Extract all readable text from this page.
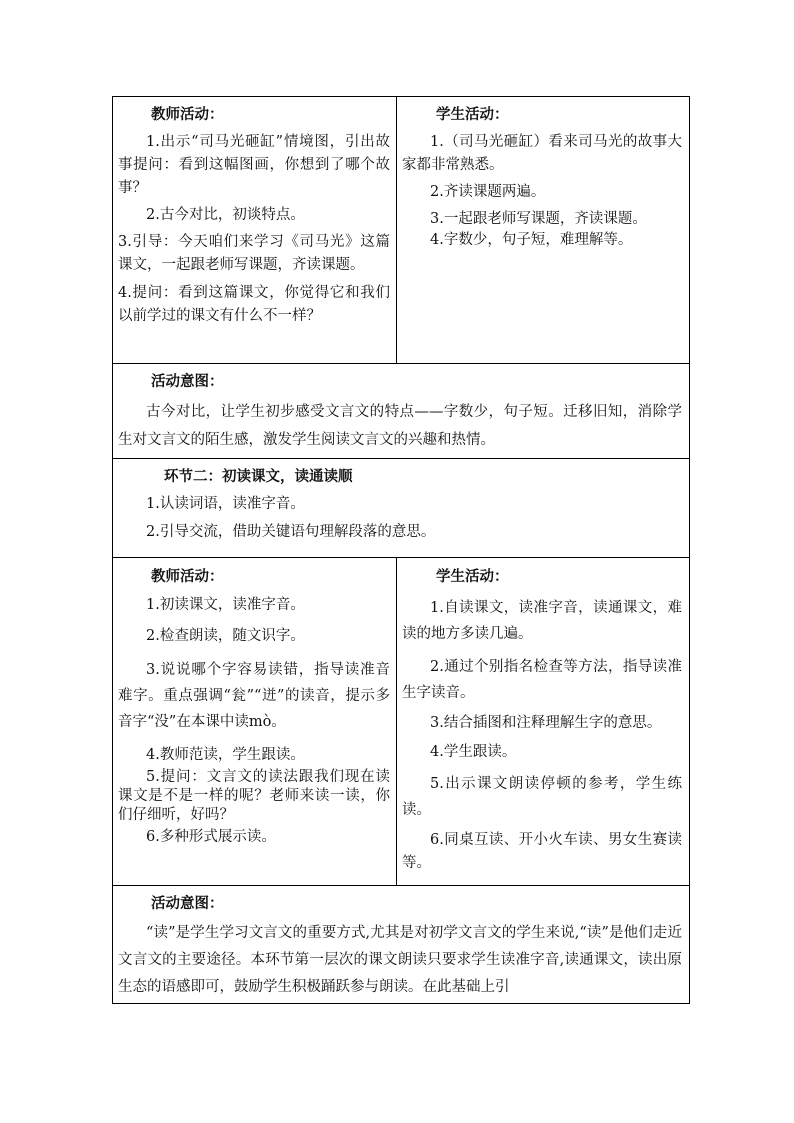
教师活动：

1.出示“司马光砸缸”情境图，引出故事提问：看到这幅图画，你想到了哪个故事？

2.古今对比，初谈特点。

3.引导：今天咱们来学习《司马光》这篇课文，一起跟老师写课题，齐读课题。

4.提问：看到这篇课文，你觉得它和我们以前学过的课文有什么不一样？

学生活动：

1.（司马光砸缸）看来司马光的故事大家都非常熟悉。

2.齐读课题两遍。

3.一起跟老师写课题，齐读课题。

4.字数少，句子短，难理解等。

活动意图：

古今对比，让学生初步感受文言文的特点——字数少，句子短。迁移旧知，消除学生对文言文的陌生感，激发学生阅读文言文的兴趣和热情。

环节二：初读课文，读通读顺

1.认读词语，读准字音。

2.引导交流，借助关键语句理解段落的意思。

教师活动：

1.初读课文，读准字音。

2.检查朗读，随文识字。

3.说说哪个字容易读错，指导读准音难字。重点强调“瓮”“迸”的读音，提示多音字“没”在本课中读mò。

4.教师范读，学生跟读。

5.提问：文言文的读法跟我们现在读课文是不是一样的呢？老师来读一读，你们仔细听，好吗？

6.多种形式展示读。

学生活动：

1.自读课文，读准字音，读通课文，难读的地方多读几遍。

2.通过个别指名检查等方法，指导读准生字读音。

3.结合插图和注释理解生字的意思。

4.学生跟读。

5.出示课文朗读停顿的参考，学生练读。

6.同桌互读、开小火车读、男女生赛读等。

活动意图：

“读”是学生学习文言文的重要方式,尤其是对初学文言文的学生来说,“读”是他们走近文言文的主要途径。本环节第一层次的课文朗读只要求学生读准字音,读通课文，读出原生态的语感即可，鼓励学生积极踊跃参与朗读。在此基础上引
